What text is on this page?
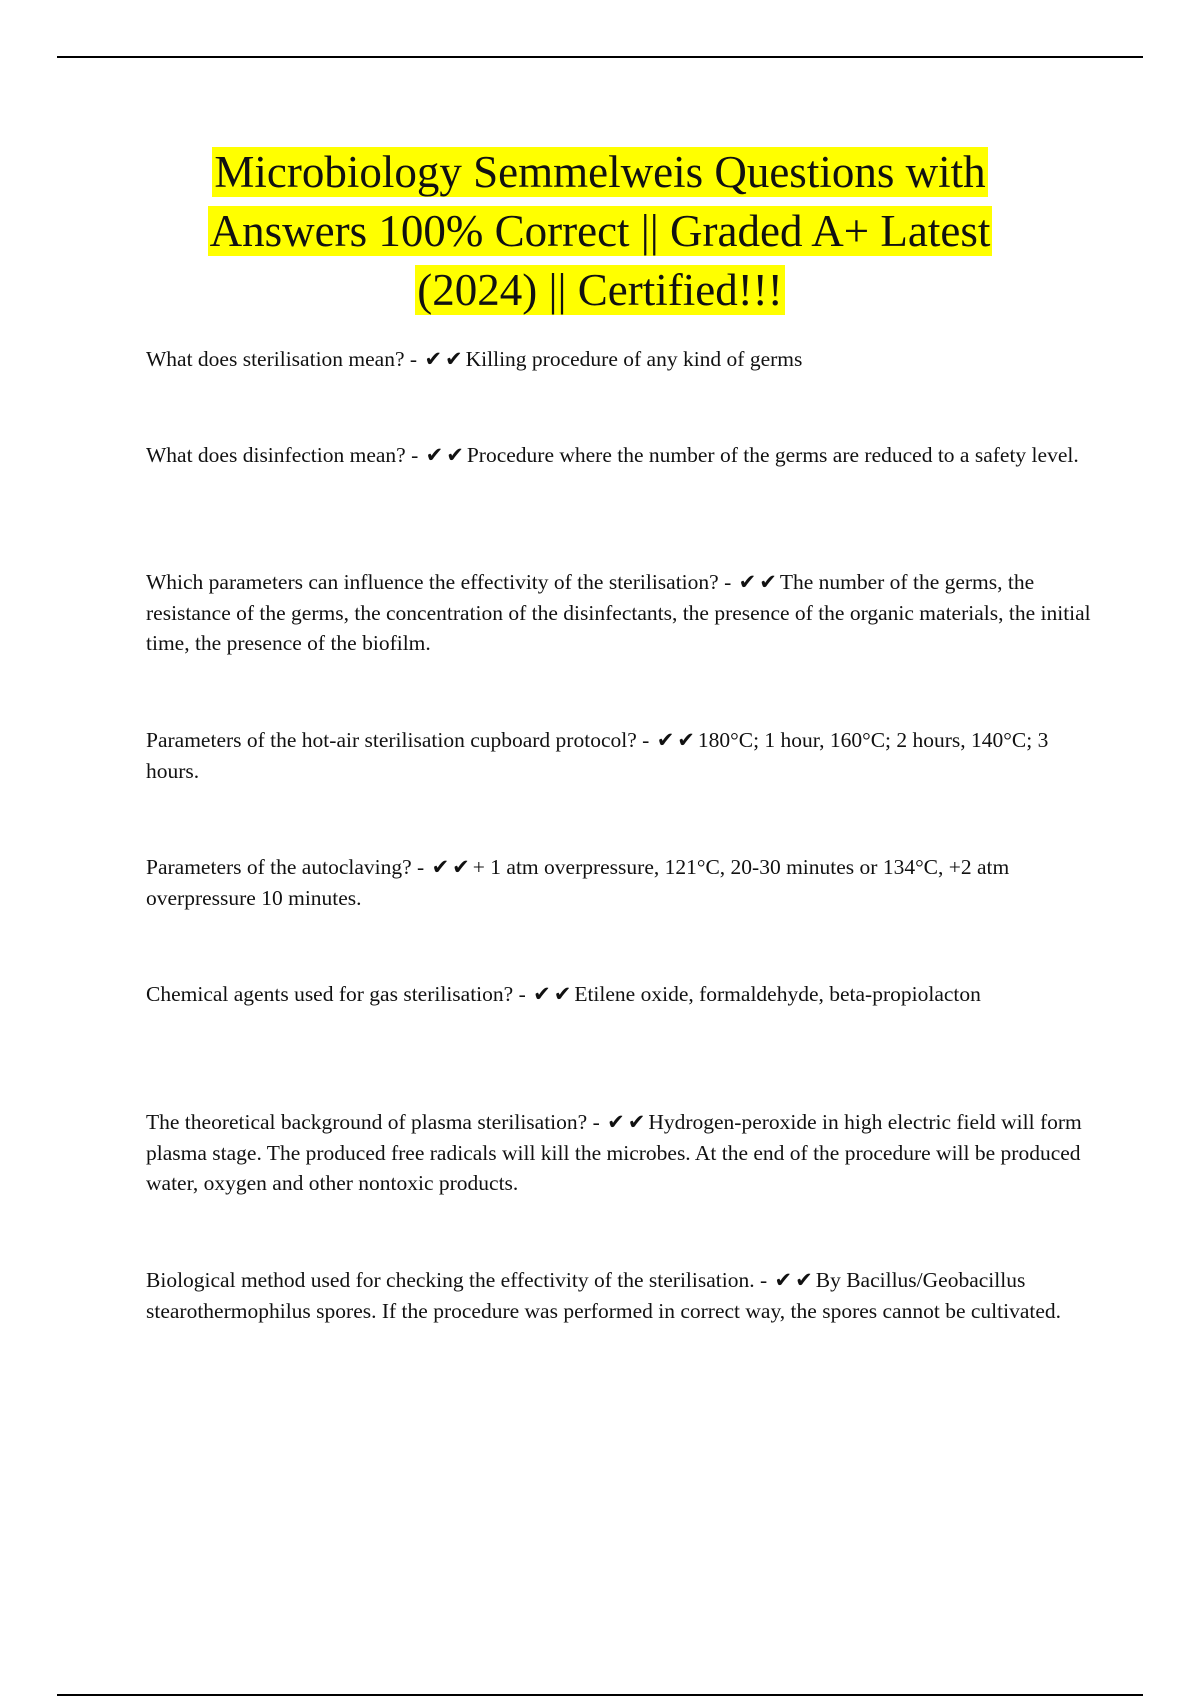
Microbiology Semmelweis Questions with Answers 100% Correct || Graded A+ Latest (2024) || Certified!!!

What does sterilisation mean? - ✔✔Killing procedure of any kind of germs

What does disinfection mean? - ✔✔Procedure where the number of the germs are reduced to a safety level.

Which parameters can influence the effectivity of the sterilisation? - ✔✔The number of the germs, the resistance of the germs, the concentration of the disinfectants, the presence of the organic materials, the initial time, the presence of the biofilm.

Parameters of the hot-air sterilisation cupboard protocol? - ✔✔180°C; 1 hour, 160°C; 2 hours, 140°C; 3 hours.

Parameters of the autoclaving? - ✔✔+ 1 atm overpressure, 121°C, 20-30 minutes or 134°C, +2 atm overpressure 10 minutes.

Chemical agents used for gas sterilisation? - ✔✔Etilene oxide, formaldehyde, beta-propiolacton

The theoretical background of plasma sterilisation? - ✔✔Hydrogen-peroxide in high electric field will form plasma stage. The produced free radicals will kill the microbes. At the end of the procedure will be produced water, oxygen and other nontoxic products.

Biological method used for checking the effectivity of the sterilisation. - ✔✔By Bacillus/Geobacillus stearothermophilus spores. If the procedure was performed in correct way, the spores cannot be cultivated.
